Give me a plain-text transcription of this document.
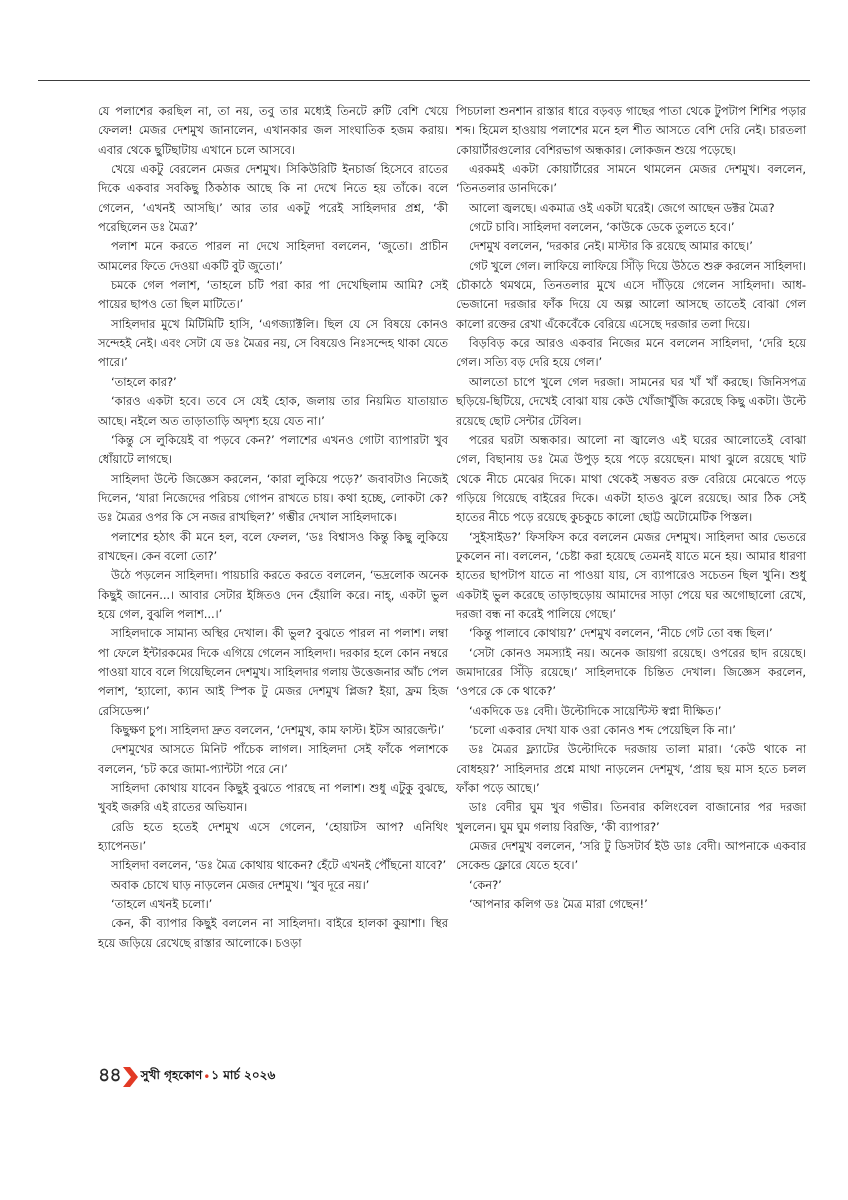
যে পলাশের করছিল না, তা নয়, তবু তার মধ্যেই তিনটে রুটি বেশি খেয়ে ফেলল! মেজর দেশমুখ জানালেন, এখানকার জল সাংঘাতিক হজম করায়। এবার থেকে ছুটিছাটায় এখানে চলে আসবে।

খেয়ে একটু বেরলেন মেজর দেশমুখ। সিকিউরিটি ইনচার্জ হিসেবে রাতের দিকে একবার সবকিছু ঠিকঠাক আছে কি না দেখে নিতে হয় তাঁকে। বলে গেলেন, ‘এখনই আসছি।’ আর তার একটু পরেই সাহিলদার প্রশ্ন, ‘কী পরেছিলেন ডঃ মৈত্র?’

পলাশ মনে করতে পারল না দেখে সাহিলদা বললেন, ‘জুতো। প্রাচীন আমলের ফিতে দেওয়া একটি বুট জুতো।’

চমকে গেল পলাশ, ‘তাহলে চটি পরা কার পা দেখেছিলাম আমি? সেই পায়ের ছাপও তো ছিল মাটিতে।’

সাহিলদার মুখে মিটিমিটি হাসি, ‘এগজ্যাক্টলি। ছিল যে সে বিষয়ে কোনও সন্দেহই নেই। এবং সেটা যে ডঃ মৈত্রর নয়, সে বিষয়েও নিঃসন্দেহ থাকা যেতে পারে।’

‘তাহলে কার?’

‘কারও একটা হবে। তবে সে যেই হোক, জলায় তার নিয়মিত যাতায়াত আছে। নইলে অত তাড়াতাড়ি অদৃশ্য হয়ে যেত না।’

‘কিন্তু সে লুকিয়েই বা পড়বে কেন?’ পলাশের এখনও গোটা ব্যাপারটা খুব ধোঁয়াটে লাগছে।

সাহিলদা উল্টে জিজ্ঞেস করলেন, ‘কারা লুকিয়ে পড়ে?’ জবাবটাও নিজেই দিলেন, ‘যারা নিজেদের পরিচয় গোপন রাখতে চায়। কথা হচ্ছে, লোকটা কে? ডঃ মৈত্রর ওপর কি সে নজর রাখছিল?’ গম্ভীর দেখাল সাহিলদাকে।

পলাশের হঠাৎ কী মনে হল, বলে ফেলল, ‘ডঃ বিশ্বাসও কিন্তু কিছু লুকিয়ে রাখছেন। কেন বলো তো?’

উঠে পড়লেন সাহিলদা। পায়চারি করতে করতে বললেন, ‘ভদ্রলোক অনেক কিছুই জানেন...। আবার সেটার ইঙ্গিতও দেন হেঁয়ালি করে। নাহ্‌, একটা ভুল হয়ে গেল, বুঝলি পলাশ...।’

সাহিলদাকে সামান্য অস্থির দেখাল। কী ভুল? বুঝতে পারল না পলাশ। লম্বা পা ফেলে ইন্টারকমের দিকে এগিয়ে গেলেন সাহিলদা। দরকার হলে কোন নম্বরে পাওয়া যাবে বলে গিয়েছিলেন দেশমুখ। সাহিলদার গলায় উত্তেজনার আঁচ পেল পলাশ, ‘হ্যালো, ক্যান আই স্পিক টু মেজর দেশমুখ প্লিজ? ইয়া, ফ্রম হিজ রেসিডেন্স।’

কিছুক্ষণ চুপ। সাহিলদা দ্রুত বললেন, ‘দেশমুখ, কাম ফাস্ট। ইটস আরজেন্ট।’

দেশমুখের আসতে মিনিট পাঁচেক লাগল। সাহিলদা সেই ফাঁকে পলাশকে বললেন, ‘চট করে জামা-প্যান্টটা পরে নে।’

সাহিলদা কোথায় যাবেন কিছুই বুঝতে পারছে না পলাশ। শুধু এটুকু বুঝছে, খুবই জরুরি এই রাতের অভিযান।

রেডি হতে হতেই দেশমুখ এসে গেলেন, ‘হোয়াটস আপ? এনিথিং হ্যাপেনড।’

সাহিলদা বললেন, ‘ডঃ মৈত্র কোথায় থাকেন? হেঁটে এখনই পৌঁছনো যাবে?’

অবাক চোখে ঘাড় নাড়লেন মেজর দেশমুখ। ‘খুব দূরে নয়।’

‘তাহলে এখনই চলো।’

কেন, কী ব্যাপার কিছুই বললেন না সাহিলদা। বাইরে হালকা কুয়াশা। স্থির হয়ে জড়িয়ে রেখেছে রাস্তার আলোকে। চওড়া

পিচঢালা শুনশান রাস্তার ধারে বড়বড় গাছের পাতা থেকে টুপটাপ শিশির পড়ার শব্দ। হিমেল হাওয়ায় পলাশের মনে হল শীত আসতে বেশি দেরি নেই। চারতলা কোয়ার্টারগুলোর বেশিরভাগ অন্ধকার। লোকজন শুয়ে পড়েছে।

এরকমই একটা কোয়ার্টারের সামনে থামলেন মেজর দেশমুখ। বললেন, ‘তিনতলার ডানদিকে।’

আলো জ্বলছে। একমাত্র ওই একটা ঘরেই। জেগে আছেন ডক্টর মৈত্র?

গেটে চাবি। সাহিলদা বললেন, ‘কাউকে ডেকে তুলতে হবে।’

দেশমুখ বললেন, ‘দরকার নেই। মাস্টার কি রয়েছে আমার কাছে।’

গেট খুলে গেল। লাফিয়ে লাফিয়ে সিঁড়ি দিয়ে উঠতে শুরু করলেন সাহিলদা। চৌকাঠে থমথমে, তিনতলার মুখে এসে দাঁড়িয়ে গেলেন সাহিলদা। আধ-ভেজানো দরজার ফাঁক দিয়ে যে অল্প আলো আসছে তাতেই বোঝা গেল কালো রক্তের রেখা এঁকেবেঁকে বেরিয়ে এসেছে দরজার তলা দিয়ে।

বিড়বিড় করে আরও একবার নিজের মনে বললেন সাহিলদা, ‘দেরি হয়ে গেল। সত্যি বড় দেরি হয়ে গেল।’

আলতো চাপে খুলে গেল দরজা। সামনের ঘর খাঁ খাঁ করছে। জিনিসপত্র ছড়িয়ে-ছিটিয়ে, দেখেই বোঝা যায় কেউ খোঁজাখুঁজি করেছে কিছু একটা। উল্টে রয়েছে ছোট সেন্টার টেবিল।

পরের ঘরটা অন্ধকার। আলো না জ্বালেও এই ঘরের আলোতেই বোঝা গেল, বিছানায় ডঃ মৈত্র উপুড় হয়ে পড়ে রয়েছেন। মাথা ঝুলে রয়েছে খাট থেকে নীচে মেঝের দিকে। মাথা থেকেই সম্ভবত রক্ত বেরিয়ে মেঝেতে পড়ে গড়িয়ে গিয়েছে বাইরের দিকে। একটা হাতও ঝুলে রয়েছে। আর ঠিক সেই হাতের নীচে পড়ে রয়েছে কুচকুচে কালো ছোট্ট অটোমেটিক পিস্তল।

‘সুইসাইড?’ ফিসফিস করে বললেন মেজর দেশমুখ। সাহিলদা আর ভেতরে ঢুকলেন না। বললেন, ‘চেষ্টা করা হয়েছে তেমনই যাতে মনে হয়। আমার ধারণা হাতের ছাপটাপ যাতে না পাওয়া যায়, সে ব্যাপারেও সচেতন ছিল খুনি। শুধু একটাই ভুল করেছে তাড়াহুড়োয় আমাদের সাড়া পেয়ে ঘর অগোছালো রেখে, দরজা বন্ধ না করেই পালিয়ে গেছে।’

‘কিন্তু পালাবে কোথায়?’ দেশমুখ বললেন, ‘নীচে গেট তো বন্ধ ছিল।’

‘সেটা কোনও সমস্যাই নয়। অনেক জায়গা রয়েছে। ওপরের ছাদ রয়েছে। জমাদারের সিঁড়ি রয়েছে।’ সাহিলদাকে চিন্তিত দেখাল। জিজ্ঞেস করলেন, ‘ওপরে কে কে থাকে?’

‘একদিকে ডঃ বেদী। উল্টোদিকে সায়েন্টিস্ট স্বপ্না দীক্ষিত।’

‘চলো একবার দেখা যাক ওরা কোনও শব্দ পেয়েছিল কি না।’

ডঃ মৈত্রর ফ্ল্যাটের উল্টোদিকে দরজায় তালা মারা। ‘কেউ থাকে না বোধহয়?’ সাহিলদার প্রশ্নে মাথা নাড়লেন দেশমুখ, ‘প্রায় ছয় মাস হতে চলল ফাঁকা পড়ে আছে।’

ডাঃ বেদীর ঘুম খুব গভীর। তিনবার কলিংবেল বাজানোর পর দরজা খুললেন। ঘুম ঘুম গলায় বিরক্তি, ‘কী ব্যাপার?’

মেজর দেশমুখ বললেন, ‘সরি টু ডিসটার্ব ইউ ডাঃ বেদী। আপনাকে একবার সেকেন্ড ফ্লোরে যেতে হবে।’

‘কেন?’

‘আপনার কলিগ ডঃ মৈত্র মারা গেছেন!’

৪৪ সুখী গৃহকোণ • ১ মার্চ ২০২৬
